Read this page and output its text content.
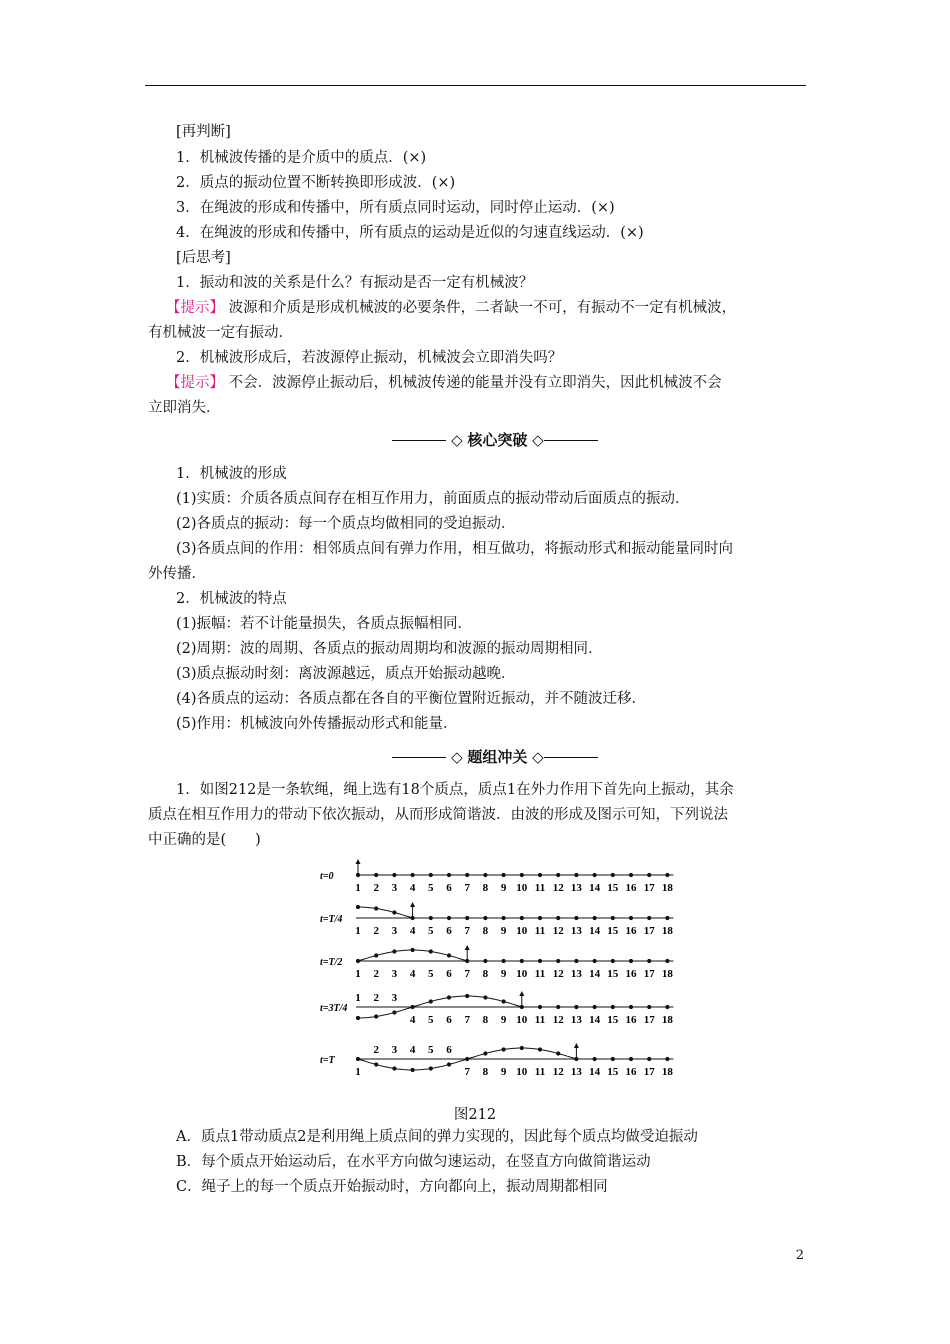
[再判断]
1．机械波传播的是介质中的质点．(×)
2．质点的振动位置不断转换即形成波．(×)
3．在绳波的形成和传播中，所有质点同时运动，同时停止运动．(×)
4．在绳波的形成和传播中，所有质点的运动是近似的匀速直线运动．(×)
[后思考]
1．振动和波的关系是什么？有振动是否一定有机械波？
【提示】 波源和介质是形成机械波的必要条件，二者缺一不可，有振动不一定有机械波，
有机械波一定有振动．
2．机械波形成后，若波源停止振动，机械波会立即消失吗？
【提示】 不会．波源停止振动后，机械波传递的能量并没有立即消失，因此机械波不会
立即消失．
◇ 核心突破 ◇
1．机械波的形成
(1)实质：介质各质点间存在相互作用力，前面质点的振动带动后面质点的振动．
(2)各质点的振动：每一个质点均做相同的受迫振动．
(3)各质点间的作用：相邻质点间有弹力作用，相互做功，将振动形式和振动能量同时向
外传播．
2．机械波的特点
(1)振幅：若不计能量损失，各质点振幅相同．
(2)周期：波的周期、各质点的振动周期均和波源的振动周期相同．
(3)质点振动时刻：离波源越远，质点开始振动越晚．
(4)各质点的运动：各质点都在各自的平衡位置附近振动，并不随波迁移．
(5)作用：机械波向外传播振动形式和能量．
◇ 题组冲关 ◇
1．如图212是一条软绳，绳上选有18个质点，质点1在外力作用下首先向上振动，其余
质点在相互作用力的带动下依次振动，从而形成简谐波．由波的形成及图示可知，下列说法
中正确的是(　　)
t=0
1 2 3 4 5 6 7 8 9 10 11 12 13 14 15 16 17 18
t=T/4
1 2 3 4 5 6 7 8 9 10 11 12 13 14 15 16 17 18
t=T/2
1 2 3 4 5 6 7 8 9 10 11 12 13 14 15 16 17 18
t=3T/4
1 2 3
4 5 6 7 8 9 10 11 12 13 14 15 16 17 18
t=T
1
2 3 4 5 6
7 8 9 10 11 12 13 14 15 16 17 18
图212
A．质点1带动质点2是利用绳上质点间的弹力实现的，因此每个质点均做受迫振动
B．每个质点开始运动后，在水平方向做匀速运动，在竖直方向做简谐运动
C．绳子上的每一个质点开始振动时，方向都向上，振动周期都相同
2
